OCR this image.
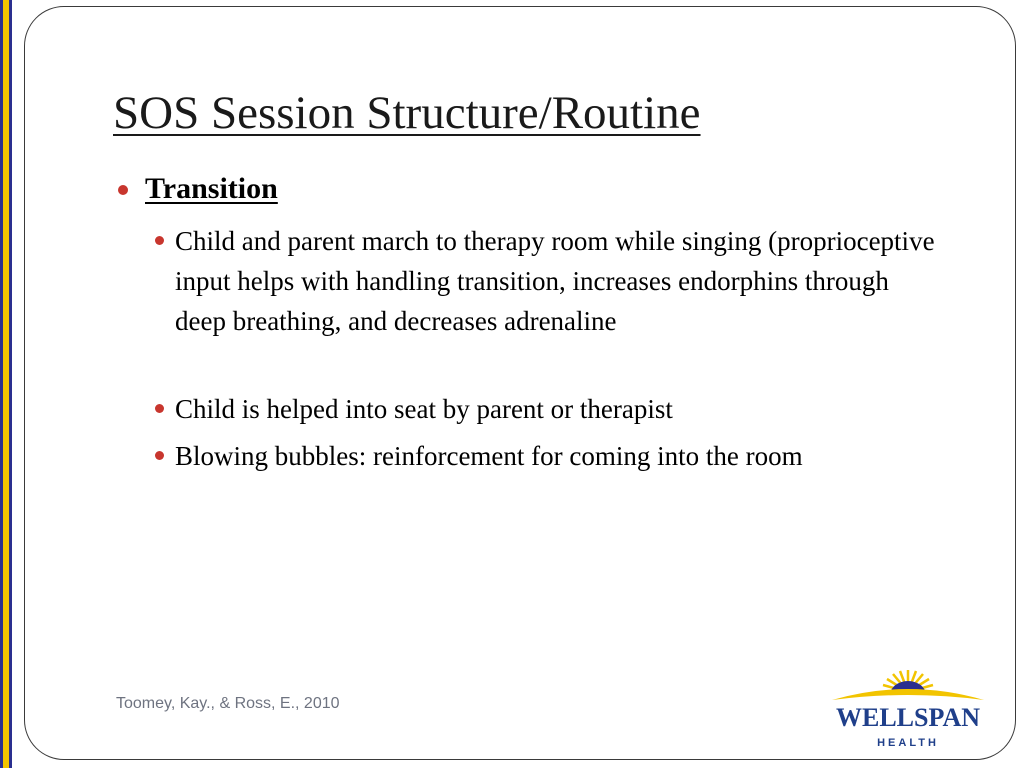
SOS Session Structure/Routine
Transition
Child and parent march to therapy room while singing (proprioceptive input helps with handling transition, increases endorphins through deep breathing, and decreases adrenaline
Child is helped into seat by parent or therapist
Blowing bubbles: reinforcement for coming into the room
Toomey, Kay., & Ross, E., 2010	WELLSPAN
HEALTH
